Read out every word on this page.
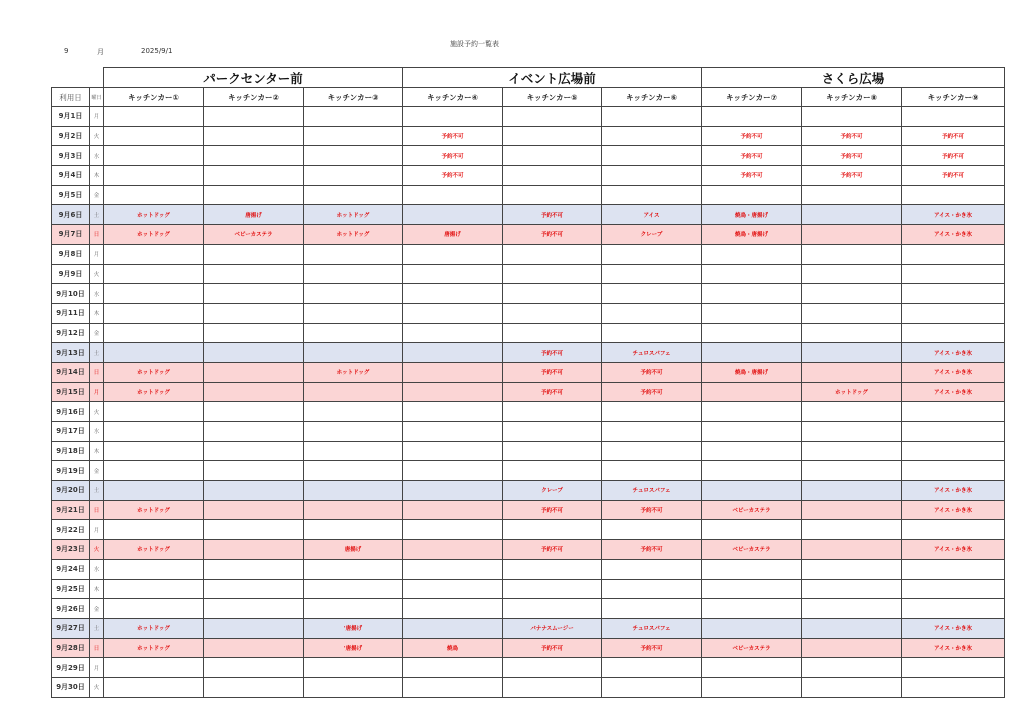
施設予約一覧表
9	月	2025/9/1
		パークセンター前			イベント広場前			さくら広場		
利用日	曜日	キッチンカー①	キッチンカー②	キッチンカー③	キッチンカー④	キッチンカー⑤	キッチンカー⑥	キッチンカー⑦	キッチンカー⑧	キッチンカー⑨
9月1日	月									
9月2日	火				予約不可			予約不可	予約不可	予約不可
9月3日	水				予約不可			予約不可	予約不可	予約不可
9月4日	木				予約不可			予約不可	予約不可	予約不可
9月5日	金									
9月6日	土	ホットドッグ	唐揚げ	ホットドッグ		予約不可	アイス	焼鳥・唐揚げ		アイス・かき氷
9月7日	日	ホットドッグ	ベビーカステラ	ホットドッグ	唐揚げ	予約不可	クレープ	焼鳥・唐揚げ		アイス・かき氷
9月8日	月									
9月9日	火									
9月10日	水									
9月11日	木									
9月12日	金									
9月13日	土					予約不可	チュロスパフェ			アイス・かき氷
9月14日	日	ホットドッグ		ホットドッグ		予約不可	予約不可	焼鳥・唐揚げ		アイス・かき氷
9月15日	月	ホットドッグ				予約不可	予約不可		ホットドッグ	アイス・かき氷
9月16日	火									
9月17日	水									
9月18日	木									
9月19日	金									
9月20日	土					クレープ	チュロスパフェ			アイス・かき氷
9月21日	日	ホットドッグ				予約不可	予約不可	ベビーカステラ		アイス・かき氷
9月22日	月									
9月23日	火	ホットドッグ		唐揚げ		予約不可	予約不可	ベビーカステラ		アイス・かき氷
9月24日	水									
9月25日	木									
9月26日	金									
9月27日	土	ホットドッグ		'唐揚げ		バナナスムージー	チュロスパフェ			アイス・かき氷
9月28日	日	ホットドッグ		'唐揚げ	焼鳥	予約不可	予約不可	ベビーカステラ		アイス・かき氷
9月29日	月									
9月30日	火									
